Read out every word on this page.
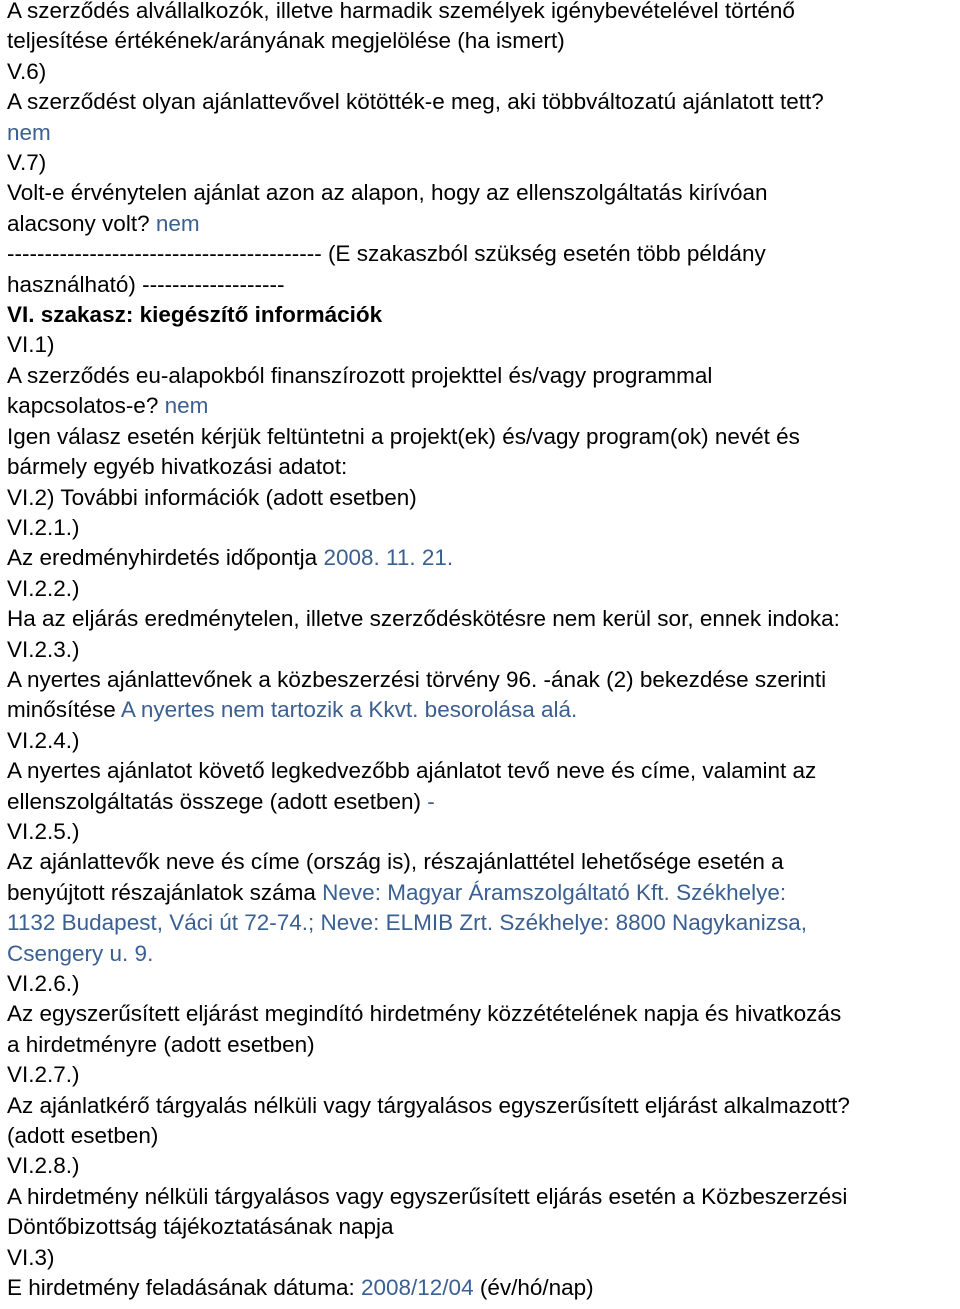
A szerződés alvállalkozók, illetve harmadik személyek igénybevételével történő
teljesítése értékének/arányának megjelölése (ha ismert)
V.6)
A szerződést olyan ajánlattevővel kötötték-e meg, aki többváltozatú ajánlatott tett?
nem
V.7)
Volt-e érvénytelen ajánlat azon az alapon, hogy az ellenszolgáltatás kirívóan
alacsony volt? nem
------------------------------------------ (E szakaszból szükség esetén több példány
használható) -------------------
VI. szakasz: kiegészítő információk
VI.1)
A szerződés eu-alapokból finanszírozott projekttel és/vagy programmal
kapcsolatos-e? nem
Igen válasz esetén kérjük feltüntetni a projekt(ek) és/vagy program(ok) nevét és
bármely egyéb hivatkozási adatot:
VI.2) További információk (adott esetben)
VI.2.1.)
Az eredményhirdetés időpontja 2008. 11. 21.
VI.2.2.)
Ha az eljárás eredménytelen, illetve szerződéskötésre nem kerül sor, ennek indoka:
VI.2.3.)
A nyertes ajánlattevőnek a közbeszerzési törvény 96. -ának (2) bekezdése szerinti
minősítése A nyertes nem tartozik a Kkvt. besorolása alá.
VI.2.4.)
A nyertes ajánlatot követő legkedvezőbb ajánlatot tevő neve és címe, valamint az
ellenszolgáltatás összege (adott esetben) -
VI.2.5.)
Az ajánlattevők neve és címe (ország is), részajánlattétel lehetősége esetén a
benyújtott részajánlatok száma Neve: Magyar Áramszolgáltató Kft. Székhelye:
1132 Budapest, Váci út 72-74.; Neve: ELMIB Zrt. Székhelye: 8800 Nagykanizsa,
Csengery u. 9.
VI.2.6.)
Az egyszerűsített eljárást megindító hirdetmény közzétételének napja és hivatkozás
a hirdetményre (adott esetben)
VI.2.7.)
Az ajánlatkérő tárgyalás nélküli vagy tárgyalásos egyszerűsített eljárást alkalmazott?
(adott esetben)
VI.2.8.)
A hirdetmény nélküli tárgyalásos vagy egyszerűsített eljárás esetén a Közbeszerzési
Döntőbizottság tájékoztatásának napja
VI.3)
E hirdetmény feladásának dátuma: 2008/12/04 (év/hó/nap)
